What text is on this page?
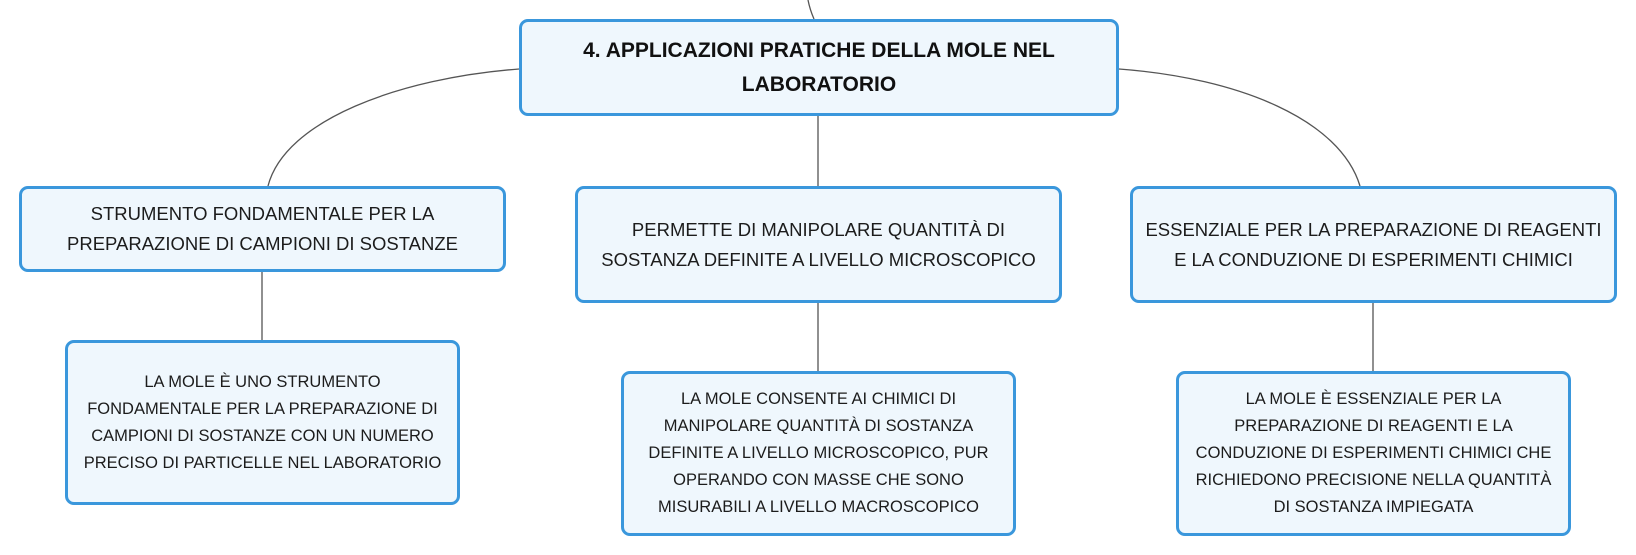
4. APPLICAZIONI PRATICHE DELLA MOLE NEL LABORATORIO
STRUMENTO FONDAMENTALE PER LA PREPARAZIONE DI CAMPIONI DI SOSTANZE
PERMETTE DI MANIPOLARE QUANTITÀ DI SOSTANZA DEFINITE A LIVELLO MICROSCOPICO
ESSENZIALE PER LA PREPARAZIONE DI REAGENTI E LA CONDUZIONE DI ESPERIMENTI CHIMICI
LA MOLE È UNO STRUMENTO FONDAMENTALE PER LA PREPARAZIONE DI CAMPIONI DI SOSTANZE CON UN NUMERO PRECISO DI PARTICELLE NEL LABORATORIO
LA MOLE CONSENTE AI CHIMICI DI MANIPOLARE QUANTITÀ DI SOSTANZA DEFINITE A LIVELLO MICROSCOPICO, PUR OPERANDO CON MASSE CHE SONO MISURABILI A LIVELLO MACROSCOPICO
LA MOLE È ESSENZIALE PER LA PREPARAZIONE DI REAGENTI E LA CONDUZIONE DI ESPERIMENTI CHIMICI CHE RICHIEDONO PRECISIONE NELLA QUANTITÀ DI SOSTANZA IMPIEGATA
